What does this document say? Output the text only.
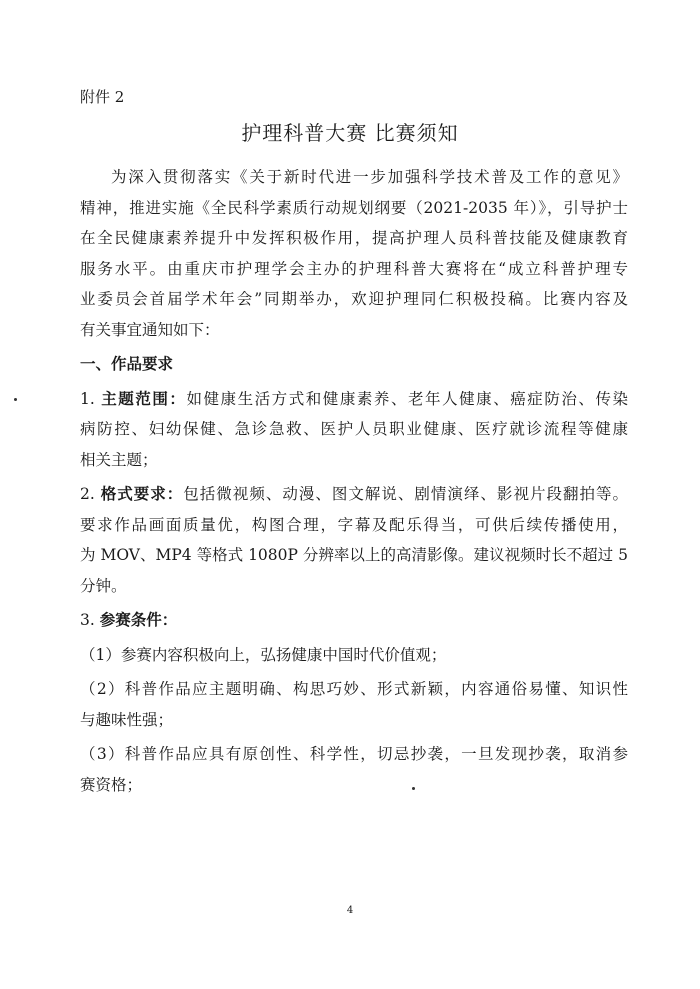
附件 2
护理科普大赛 比赛须知
为深入贯彻落实《关于新时代进一步加强科学技术普及工作的意见》
精神，推进实施《全民科学素质行动规划纲要（2021-2035 年）》，引导护士
在全民健康素养提升中发挥积极作用，提高护理人员科普技能及健康教育
服务水平。由重庆市护理学会主办的护理科普大赛将在“成立科普护理专
业委员会首届学术年会”同期举办，欢迎护理同仁积极投稿。比赛内容及
有关事宜通知如下：
一、作品要求
1. 主题范围：如健康生活方式和健康素养、老年人健康、癌症防治、传染
病防控、妇幼保健、急诊急救、医护人员职业健康、医疗就诊流程等健康
相关主题；
2. 格式要求：包括微视频、动漫、图文解说、剧情演绎、影视片段翻拍等。
要求作品画面质量优，构图合理，字幕及配乐得当，可供后续传播使用，
为 MOV、MP4 等格式 1080P 分辨率以上的高清影像。建议视频时长不超过 5
分钟。
3. 参赛条件：
（1）参赛内容积极向上，弘扬健康中国时代价值观；
（2）科普作品应主题明确、构思巧妙、形式新颖，内容通俗易懂、知识性
与趣味性强；
（3）科普作品应具有原创性、科学性，切忌抄袭，一旦发现抄袭，取消参
赛资格；
4
